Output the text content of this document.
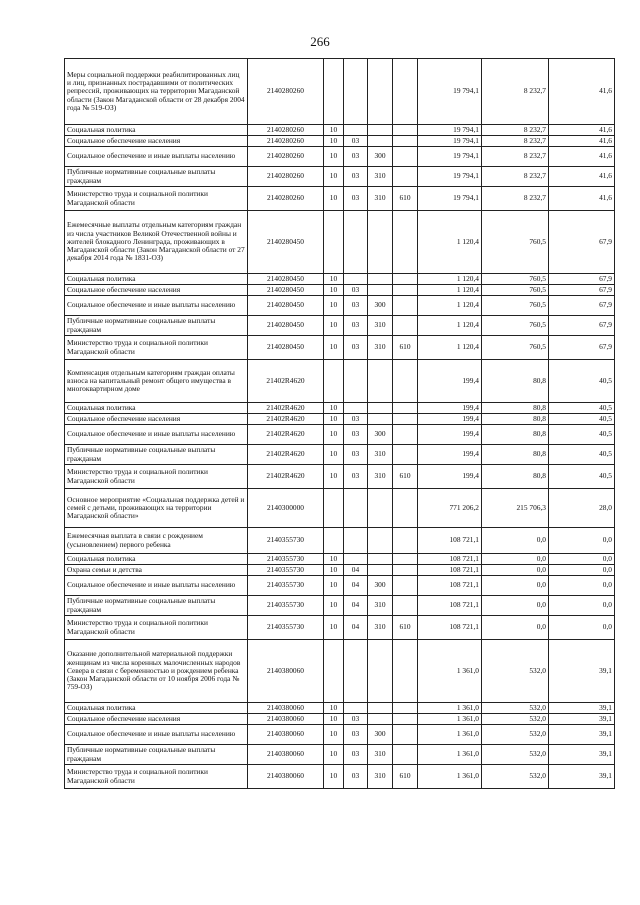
266
Меры социальной поддержки реабилитированных лиц и лиц, признанных пострадавшими от политических репрессий, проживающих на территории Магаданской области (Закон Магаданской области от 28 декабря 2004 года № 519-ОЗ)	2140280260					19 794,1	8 232,7	41,6
Социальная политика	2140280260	10				19 794,1	8 232,7	41,6
Социальное обеспечение населения	2140280260	10	03			19 794,1	8 232,7	41,6
Социальное обеспечение и иные выплаты населению	2140280260	10	03	300		19 794,1	8 232,7	41,6
Публичные нормативные социальные выплаты гражданам	2140280260	10	03	310		19 794,1	8 232,7	41,6
Министерство труда и социальной политики Магаданской области	2140280260	10	03	310	610	19 794,1	8 232,7	41,6
Ежемесячные выплаты отдельным категориям граждан из числа участников Великой Отечественной войны и жителей блокадного Ленинграда, проживающих в Магаданской области (Закон Магаданской области от 27 декабря 2014 года № 1831-ОЗ)	2140280450					1 120,4	760,5	67,9
Социальная политика	2140280450	10				1 120,4	760,5	67,9
Социальное обеспечение населения	2140280450	10	03			1 120,4	760,5	67,9
Социальное обеспечение и иные выплаты населению	2140280450	10	03	300		1 120,4	760,5	67,9
Публичные нормативные социальные выплаты гражданам	2140280450	10	03	310		1 120,4	760,5	67,9
Министерство труда и социальной политики Магаданской области	2140280450	10	03	310	610	1 120,4	760,5	67,9
Компенсация отдельным категориям граждан оплаты взноса на капитальный ремонт общего имущества в многоквартирном доме	21402R4620					199,4	80,8	40,5
Социальная политика	21402R4620	10				199,4	80,8	40,5
Социальное обеспечение населения	21402R4620	10	03			199,4	80,8	40,5
Социальное обеспечение и иные выплаты населению	21402R4620	10	03	300		199,4	80,8	40,5
Публичные нормативные социальные выплаты гражданам	21402R4620	10	03	310		199,4	80,8	40,5
Министерство труда и социальной политики Магаданской области	21402R4620	10	03	310	610	199,4	80,8	40,5
Основное мероприятие «Социальная поддержка детей и семей с детьми, проживающих на территории Магаданской области»	2140300000					771 206,2	215 706,3	28,0
Ежемесячная выплата в связи с рождением (усыновлением) первого ребенка	2140355730					108 721,1	0,0	0,0
Социальная политика	2140355730	10				108 721,1	0,0	0,0
Охрана семьи и детства	2140355730	10	04			108 721,1	0,0	0,0
Социальное обеспечение и иные выплаты населению	2140355730	10	04	300		108 721,1	0,0	0,0
Публичные нормативные социальные выплаты гражданам	2140355730	10	04	310		108 721,1	0,0	0,0
Министерство труда и социальной политики Магаданской области	2140355730	10	04	310	610	108 721,1	0,0	0,0
Оказание дополнительной материальной поддержки женщинам из числа коренных малочисленных народов Севера в связи с беременностью и рождением ребенка (Закон Магаданской области от 10 ноября 2006 года № 759-ОЗ)	2140380060					1 361,0	532,0	39,1
Социальная политика	2140380060	10				1 361,0	532,0	39,1
Социальное обеспечение населения	2140380060	10	03			1 361,0	532,0	39,1
Социальное обеспечение и иные выплаты населению	2140380060	10	03	300		1 361,0	532,0	39,1
Публичные нормативные социальные выплаты гражданам	2140380060	10	03	310		1 361,0	532,0	39,1
Министерство труда и социальной политики Магаданской области	2140380060	10	03	310	610	1 361,0	532,0	39,1
